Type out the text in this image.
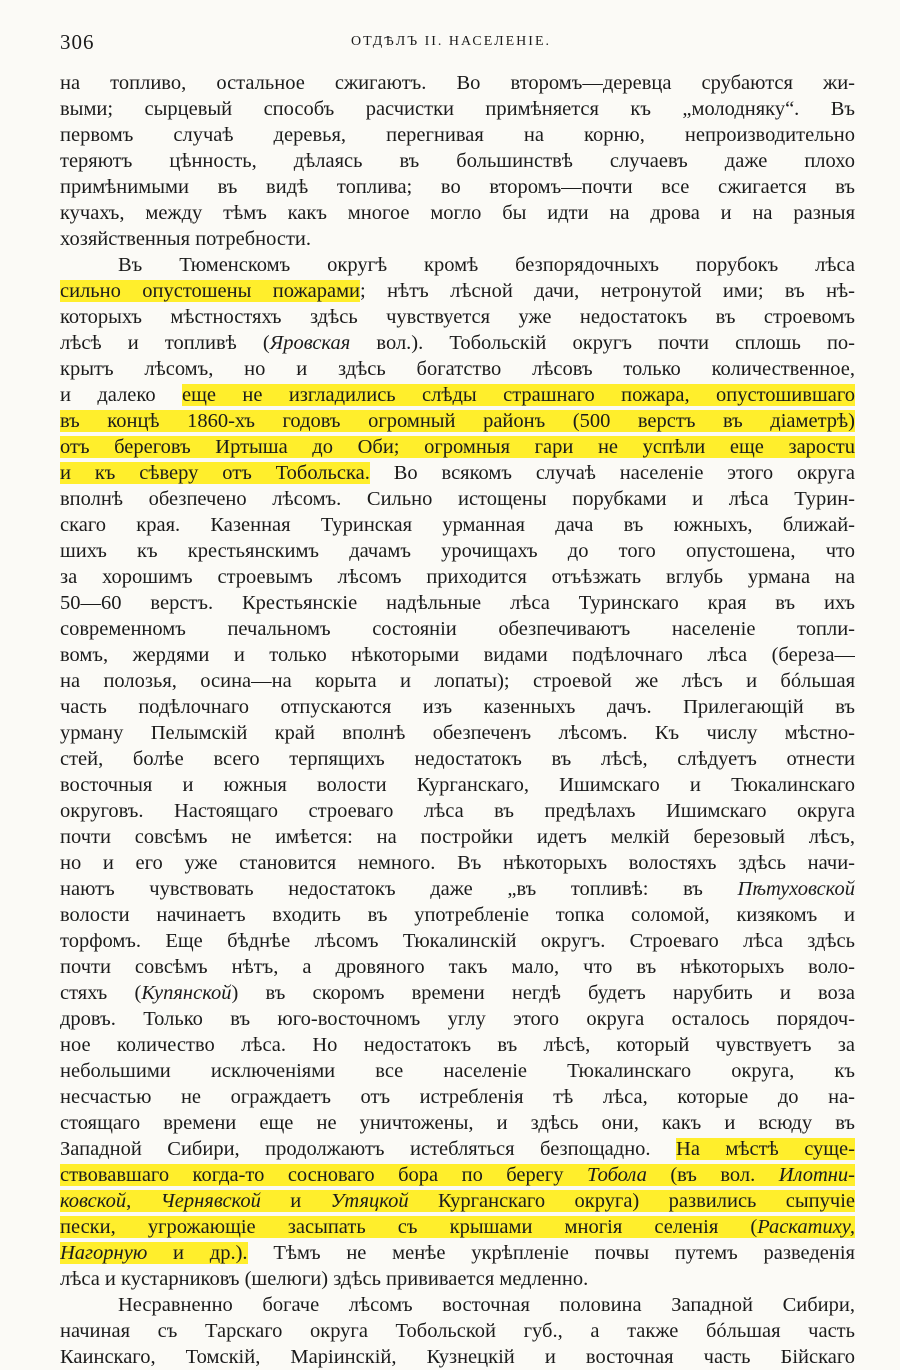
306	ОТДѢЛЪ II. НАСЕЛЕНІЕ.
на топливо, остальное сжигаютъ. Во второмъ—деревца срубаются жи-
выми; сырцевый способъ расчистки примѣняется къ „молодняку“. Въ
первомъ случаѣ деревья, перегнивая на корню, непроизводительно
теряютъ цѣнность, дѣлаясь въ большинствѣ случаевъ даже плохо
примѣнимыми въ видѣ топлива; во второмъ—почти все сжигается въ
кучахъ, между тѣмъ какъ многое могло бы идти на дрова и на разныя
хозяйственныя потребности.
Въ Тюменскомъ округѣ кромѣ безпорядочныхъ порубокъ лѣса
сильно опустошены пожарами; нѣтъ лѣсной дачи, нетронутой ими; въ нѣ-
которыхъ мѣстностяхъ здѣсь чувствуется уже недостатокъ въ строевомъ
лѣсѣ и топливѣ (Яровская вол.). Тобольскій округъ почти сплошь по-
крытъ лѣсомъ, но и здѣсь богатство лѣсовъ только количественное,
и далеко еще не изгладились слѣды страшнаго пожара, опустошившаго
въ концѣ 1860-хъ годовъ огромный районъ (500 верстъ въ діаметрѣ)
отъ береговъ Иртыша до Оби; огромныя гари не успѣли еще заростu
и къ сѣверу отъ Тобольска. Во всякомъ случаѣ населеніе этого округа
вполнѣ обезпечено лѣсомъ. Сильно истощены порубками и лѣса Турин-
скаго края. Казенная Туринская урманная дача въ южныхъ, ближай-
шихъ къ крестьянскимъ дачамъ урочищахъ до того опустошена, что
за хорошимъ строевымъ лѣсомъ приходится отъѣзжать вглубь урмана на
50—60 верстъ. Крестьянскіе надѣльные лѣса Туринскаго края въ ихъ
современномъ печальномъ состояніи обезпечиваютъ населеніе топли-
вомъ, жердями и только нѣкоторыми видами подѣлочнаго лѣса (береза—
на полозья, осина—на корыта и лопаты); строевой же лѣсъ и бóльшая
часть подѣлочнаго отпускаются изъ казенныхъ дачъ. Прилегающій въ
урману Пелымскій край вполнѣ обезпеченъ лѣсомъ. Къ числу мѣстно-
стей, болѣе всего терпящихъ недостатокъ въ лѣсѣ, слѣдуетъ отнести
восточныя и южныя волости Курганскаго, Ишимскаго и Тюкалинскаго
округовъ. Настоящаго строеваго лѣса въ предѣлахъ Ишимскаго округа
почти совсѣмъ не имѣется: на постройки идетъ мелкій березовый лѣсъ,
но и его уже становится немного. Въ нѣкоторыхъ волостяхъ здѣсь начи-
наютъ чувствовать недостатокъ даже „въ топливѣ: въ Пѣтуховской
волости начинаетъ входить въ употребленіе топка соломой, кизякомъ и
торфомъ. Еще бѣднѣе лѣсомъ Тюкалинскій округъ. Строеваго лѣса здѣсь
почти совсѣмъ нѣтъ, а дровяного такъ мало, что въ нѣкоторыхъ воло-
стяхъ (Купянской) въ скоромъ времени негдѣ будетъ нарубить и воза
дровъ. Только въ юго-восточномъ углу этого округа осталось порядоч-
ное количество лѣса. Но недостатокъ въ лѣсѣ, который чувствуетъ за
небольшими исключеніями все населеніе Тюкалинскаго округа, къ
несчастью не ограждаетъ отъ истребленія тѣ лѣса, которые до на-
стоящаго времени еще не уничтожены, и здѣсь они, какъ и всюду въ
Западной Сибири, продолжаютъ истебляться безпощадно. На мѣстѣ суще-
ствовавшаго когда-то сосноваго бора по берегу Тобола (въ вол. Илотни-
ковской, Чернявской и Утяцкой Курганскаго округа) развились сыпучіе
пески, угрожающіе засыпать съ крышами многія селенія (Раскатиху,
Нагорную и др.). Тѣмъ не менѣе укрѣпленіе почвы путемъ разведенія
лѣса и кустарниковъ (шелюги) здѣсь прививается медленно.
Несравненно богаче лѣсомъ восточная половина Западной Сибири,
начиная съ Тарскаго округа Тобольской губ., а также бóльшая часть
Каинскаго, Томскій, Маріинскій, Кузнецкій и восточная часть Бійскаго
